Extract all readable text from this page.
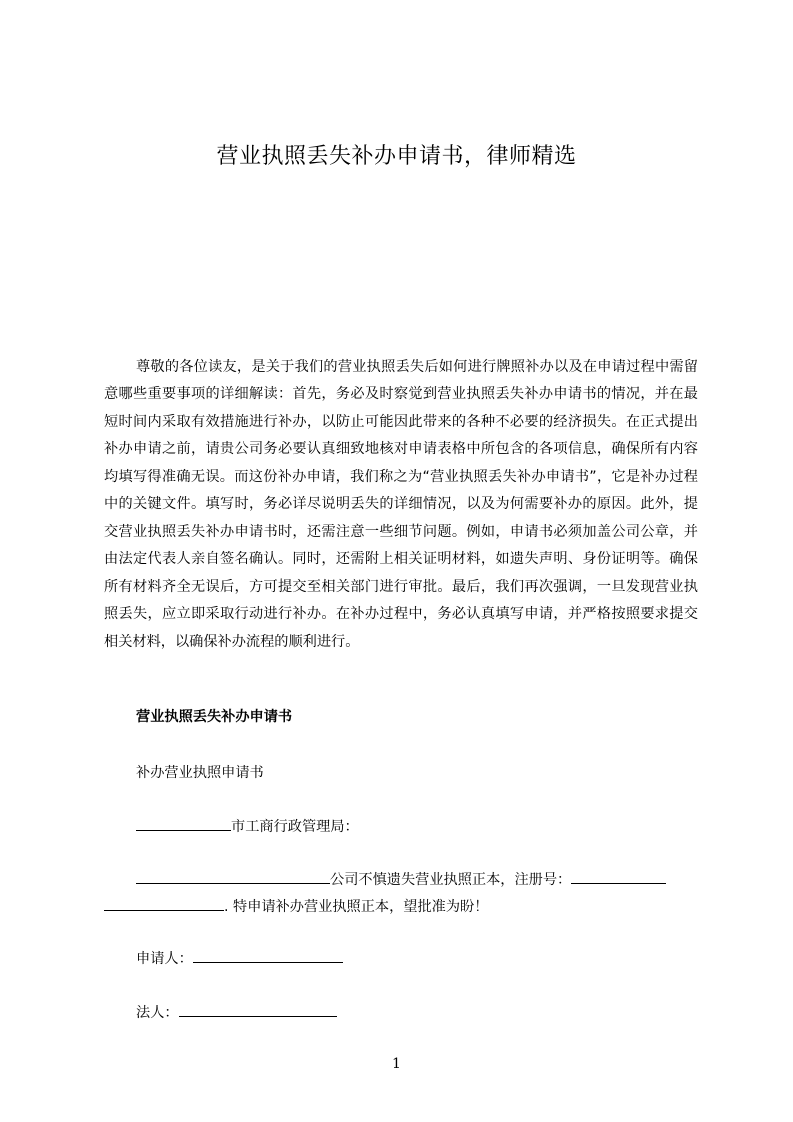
营业执照丢失补办申请书，律师精选

尊敬的各位读友，是关于我们的营业执照丢失后如何进行牌照补办以及在申请过程中需留意哪些重要事项的详细解读：首先，务必及时察觉到营业执照丢失补办申请书的情况，并在最短时间内采取有效措施进行补办，以防止可能因此带来的各种不必要的经济损失。在正式提出补办申请之前，请贵公司务必要认真细致地核对申请表格中所包含的各项信息，确保所有内容均填写得准确无误。而这份补办申请，我们称之为“营业执照丢失补办申请书”，它是补办过程中的关键文件。填写时，务必详尽说明丢失的详细情况，以及为何需要补办的原因。此外，提交营业执照丢失补办申请书时，还需注意一些细节问题。例如，申请书必须加盖公司公章，并由法定代表人亲自签名确认。同时，还需附上相关证明材料，如遗失声明、身份证明等。确保所有材料齐全无误后，方可提交至相关部门进行审批。最后，我们再次强调，一旦发现营业执照丢失，应立即采取行动进行补办。在补办过程中，务必认真填写申请，并严格按照要求提交相关材料，以确保补办流程的顺利进行。

营业执照丢失补办申请书

补办营业执照申请书

市工商行政管理局：

公司不慎遗失营业执照正本，注册号：

. 特申请补办营业执照正本，望批准为盼！

申请人：

法人：

1
